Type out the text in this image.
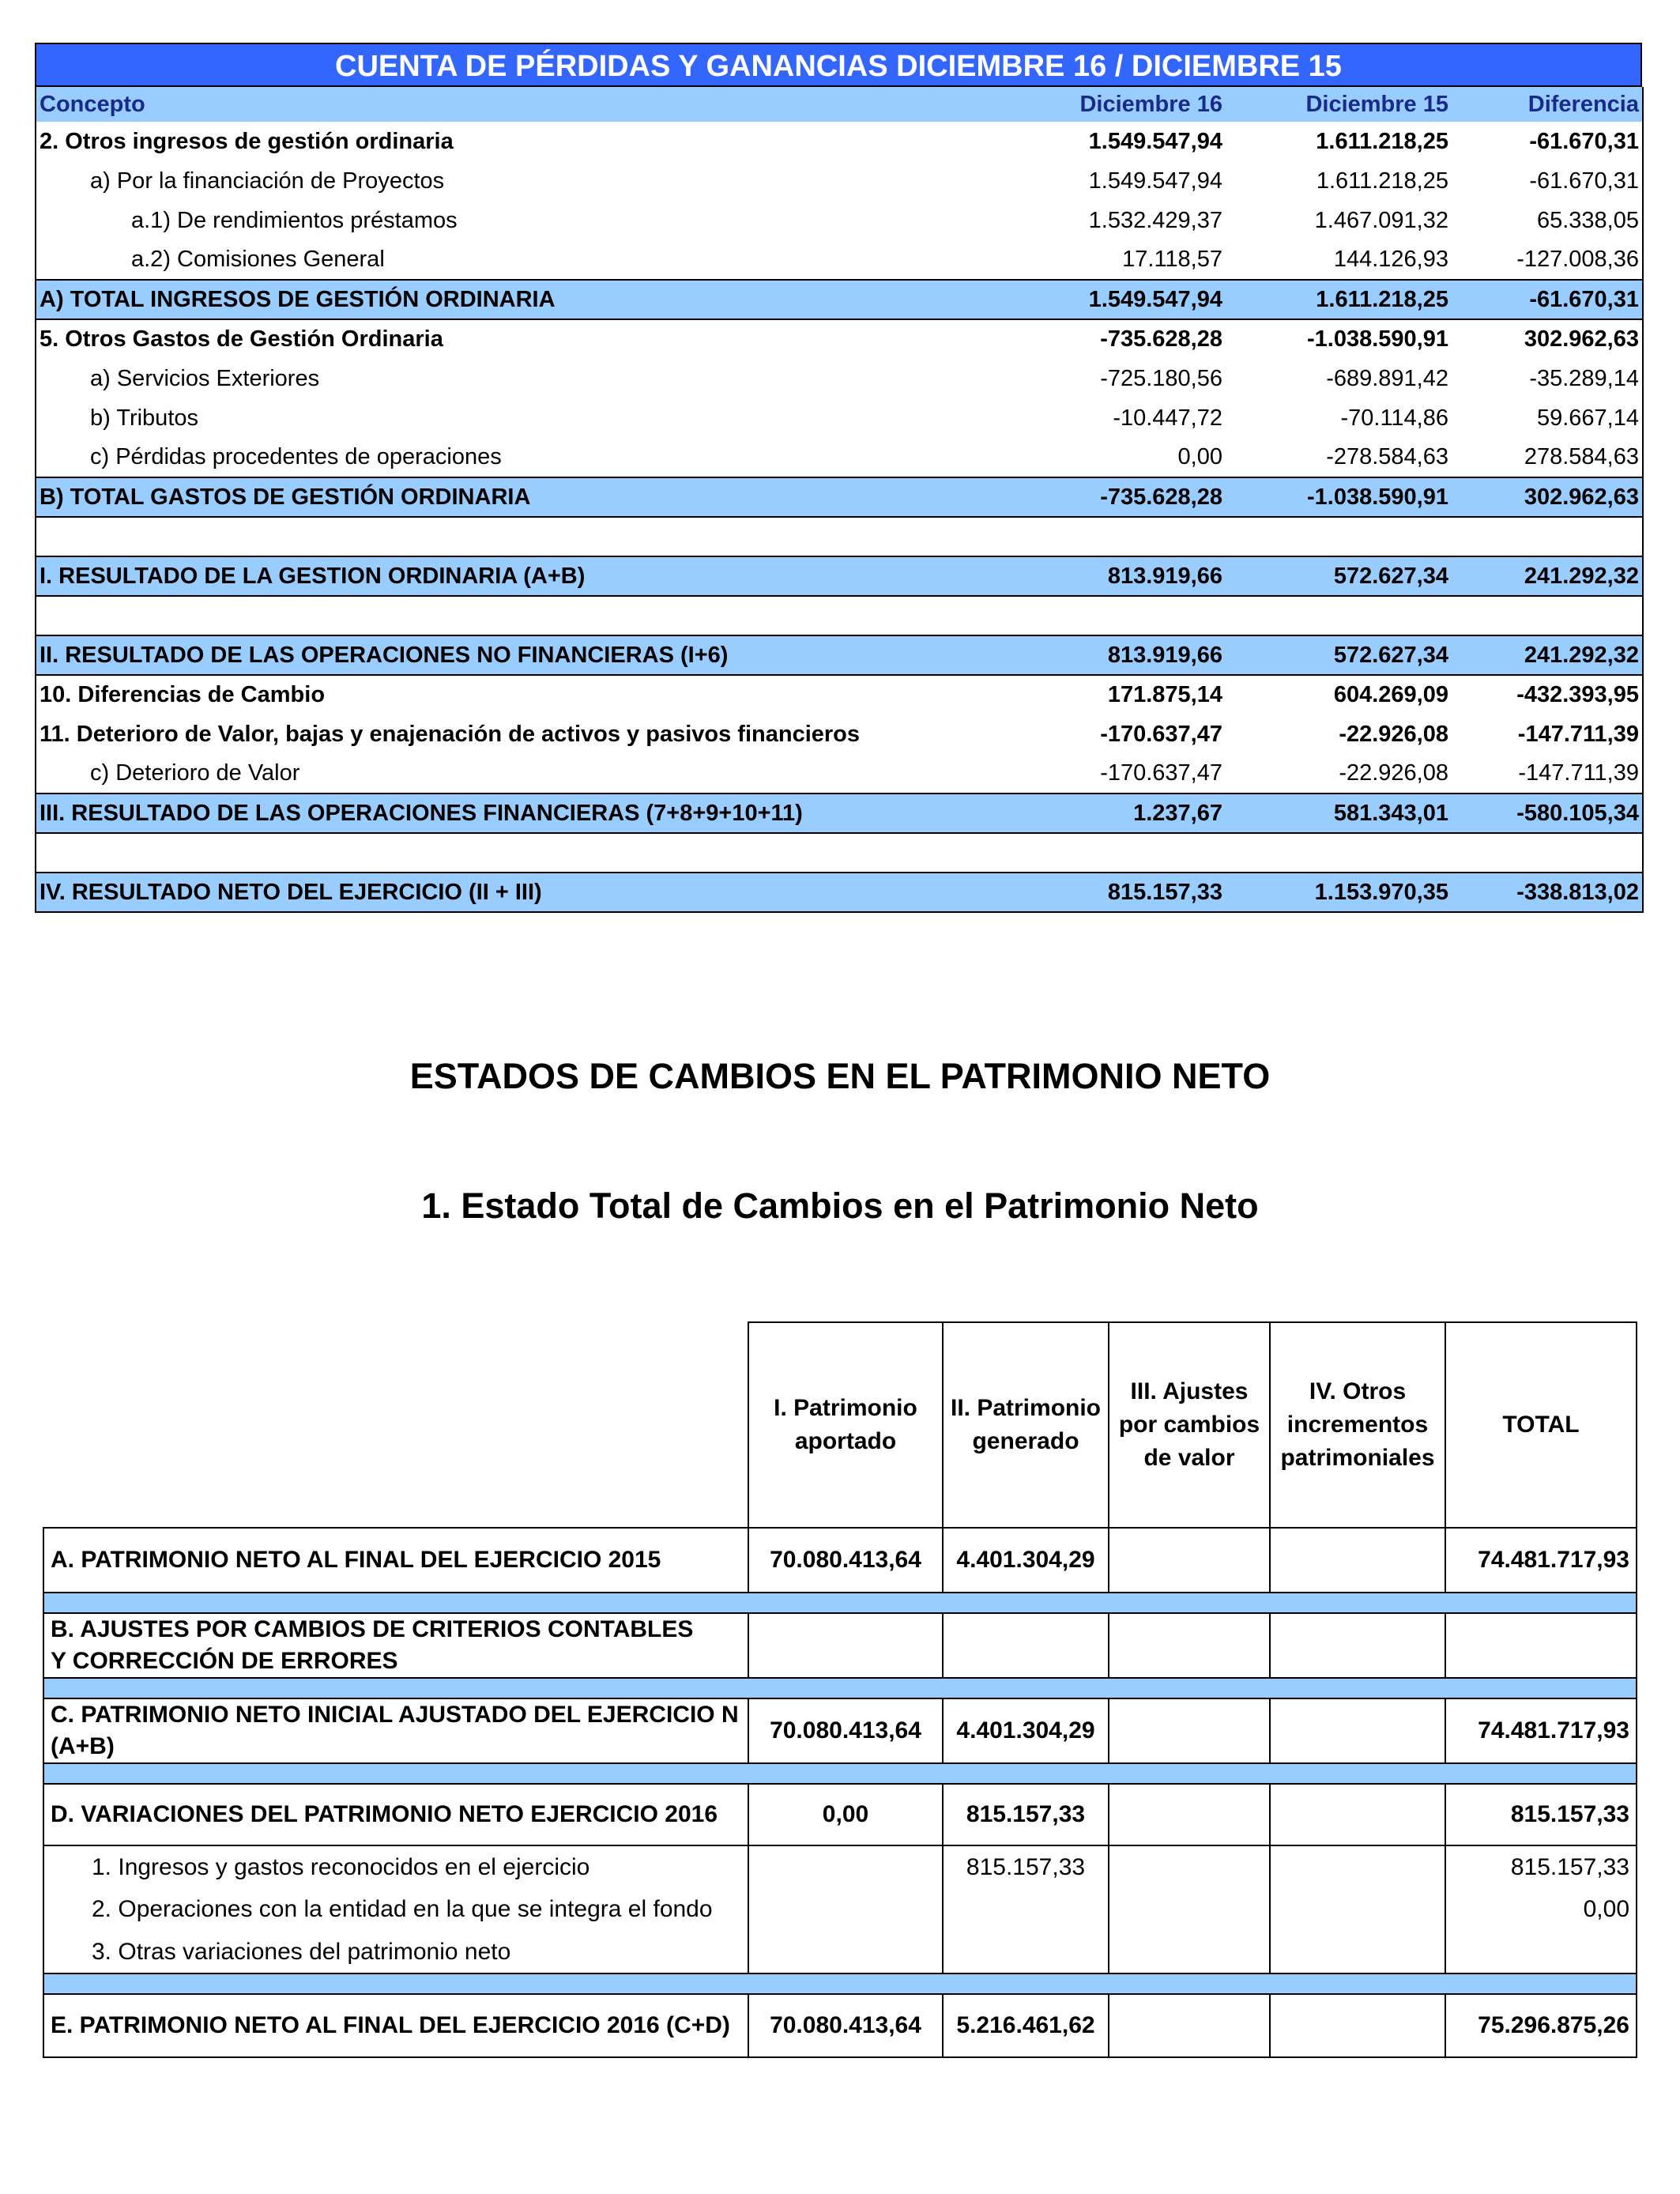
CUENTA DE PÉRDIDAS Y GANANCIAS DICIEMBRE 16 / DICIEMBRE 15
Concepto	Diciembre 16	Diciembre 15	Diferencia
2. Otros ingresos de gestión ordinaria	1.549.547,94	1.611.218,25	-61.670,31
a) Por la financiación de Proyectos	1.549.547,94	1.611.218,25	-61.670,31
a.1) De rendimientos préstamos	1.532.429,37	1.467.091,32	65.338,05
a.2) Comisiones General	17.118,57	144.126,93	-127.008,36
A) TOTAL INGRESOS DE GESTIÓN ORDINARIA	1.549.547,94	1.611.218,25	-61.670,31
5. Otros Gastos de Gestión Ordinaria	-735.628,28	-1.038.590,91	302.962,63
a) Servicios Exteriores	-725.180,56	-689.891,42	-35.289,14
b) Tributos	-10.447,72	-70.114,86	59.667,14
c) Pérdidas procedentes de operaciones	0,00	-278.584,63	278.584,63
B) TOTAL GASTOS DE GESTIÓN ORDINARIA	-735.628,28	-1.038.590,91	302.962,63

I. RESULTADO DE LA GESTION ORDINARIA (A+B)	813.919,66	572.627,34	241.292,32

II. RESULTADO DE LAS OPERACIONES NO FINANCIERAS (I+6)	813.919,66	572.627,34	241.292,32
10. Diferencias de Cambio	171.875,14	604.269,09	-432.393,95
11. Deterioro de Valor, bajas y enajenación de activos y pasivos financieros	-170.637,47	-22.926,08	-147.711,39
c) Deterioro de Valor	-170.637,47	-22.926,08	-147.711,39
III. RESULTADO DE LAS OPERACIONES FINANCIERAS (7+8+9+10+11)	1.237,67	581.343,01	-580.105,34

IV. RESULTADO NETO DEL EJERCICIO (II + III)	815.157,33	1.153.970,35	-338.813,02
ESTADOS DE CAMBIOS EN EL PATRIMONIO NETO
1. Estado Total de Cambios en el Patrimonio Neto
	I. Patrimonio aportado	II. Patrimonio generado	III. Ajustes por cambios de valor	IV. Otros incrementos patrimoniales	TOTAL
A. PATRIMONIO NETO AL FINAL DEL EJERCICIO 2015	70.080.413,64	4.401.304,29			74.481.717,93

B. AJUSTES POR CAMBIOS DE CRITERIOS CONTABLES
Y CORRECCIÓN DE ERRORES					

C. PATRIMONIO NETO INICIAL AJUSTADO DEL EJERCICIO N (A+B)	70.080.413,64	4.401.304,29			74.481.717,93

D. VARIACIONES DEL PATRIMONIO NETO EJERCICIO 2016	0,00	815.157,33			815.157,33
1. Ingresos y gastos reconocidos en el ejercicio		815.157,33			815.157,33
2. Operaciones con la entidad en la que se integra el fondo					0,00
3. Otras variaciones del patrimonio neto					

E. PATRIMONIO NETO AL FINAL DEL EJERCICIO 2016 (C+D)	70.080.413,64	5.216.461,62			75.296.875,26
